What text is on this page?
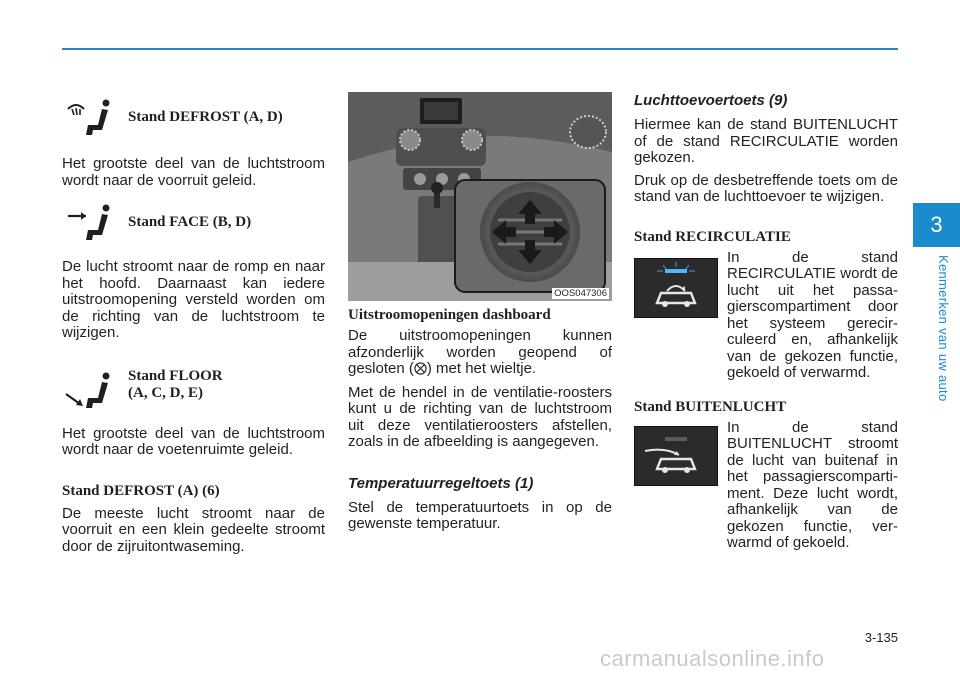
3
Kenmerken van uw auto
Stand DEFROST (A, D)

Het grootste deel van de luchtstroom wordt naar de voorruit geleid.

Stand FACE (B, D)

De lucht stroomt naar de romp en naar het hoofd. Daarnaast kan iedere uitstroomopening versteld worden om de richting van de luchtstroom te wijzigen.

Stand FLOOR
(A, C, D, E)

Het grootste deel van de luchtstroom wordt naar de voetenruimte geleid.

Stand DEFROST (A) (6)

De meeste lucht stroomt naar de voorruit en een klein gedeelte stroomt door de zijruitontwaseming.

OOS047306
Uitstroomopeningen dashboard

De uitstroomopeningen kunnen afzonderlijk worden geopend of gesloten ( ) met het wieltje.

Met de hendel in de ventilatie-roosters kunt u de richting van de luchtstroom uit deze ventilatieroosters afstellen, zoals in de afbeelding is aangegeven.

Temperatuurregeltoets (1)

Stel de temperatuurtoets in op de gewenste temperatuur.

Luchttoevoertoets (9)

Hiermee kan de stand BUITENLUCHT of de stand RECIRCULATIE worden gekozen.

Druk op de desbetreffende toets om de stand van de luchttoevoer te wijzigen.

Stand RECIRCULATIE

In de stand RECIRCULATIE wordt de lucht uit het passa-gierscompartiment door het systeem gerecir-culeerd en, afhankelijk van de gekozen functie, gekoeld of verwarmd.

Stand BUITENLUCHT

In de stand BUITENLUCHT stroomt de lucht van buitenaf in het passagierscomparti-ment. Deze lucht wordt, afhankelijk van de gekozen functie, ver-warmd of gekoeld.

3-135
carmanualsonline.info
